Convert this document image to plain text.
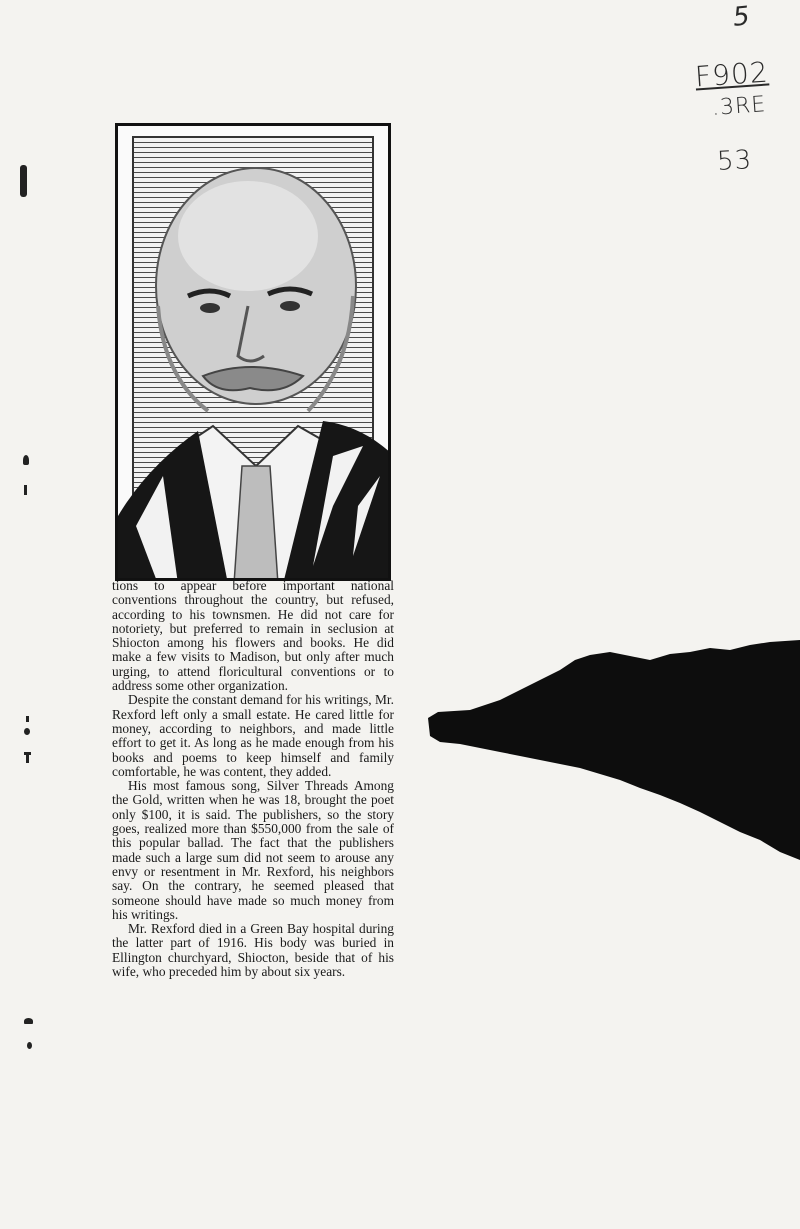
5
F902
.3RE
53

tions to appear before important national conventions throughout the country, but refused, according to his townsmen. He did not care for notoriety, but preferred to remain in seclusion at Shiocton among his flowers and books. He did make a few visits to Madison, but only after much urging, to attend floricultural conventions or to address some other organization.

Despite the constant demand for his writings, Mr. Rexford left only a small estate. He cared little for money, according to neighbors, and made little effort to get it. As long as he made enough from his books and poems to keep himself and family comfortable, he was content, they added.

His most famous song, Silver Threads Among the Gold, written when he was 18, brought the poet only $100, it is said. The publishers, so the story goes, realized more than $550,000 from the sale of this popular ballad. The fact that the publishers made such a large sum did not seem to arouse any envy or resentment in Mr. Rexford, his neighbors say. On the contrary, he seemed pleased that someone should have made so much money from his writings.

Mr. Rexford died in a Green Bay hospital during the latter part of 1916. His body was buried in Ellington churchyard, Shiocton, beside that of his wife, who preceded him by about six years.
